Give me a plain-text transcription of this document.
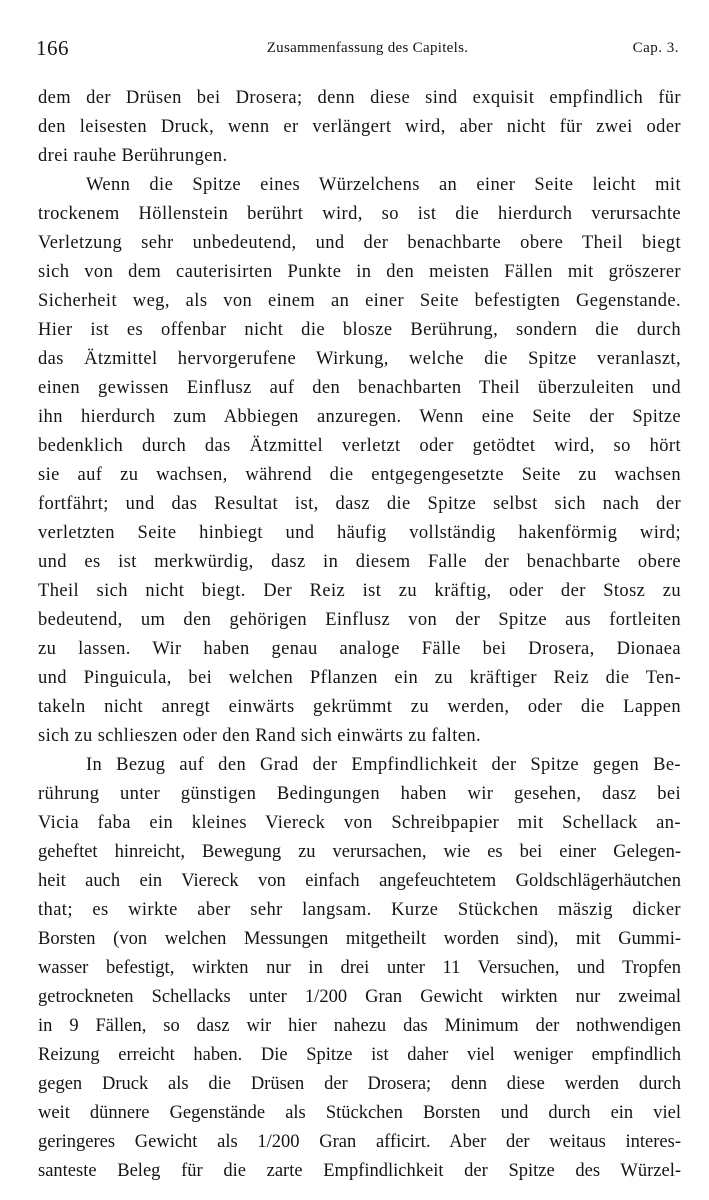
166	Zusammenfassung des Capitels.	Cap. 3.
dem der Drüsen bei Drosera; denn diese sind exquisit empfindlich für
den leisesten Druck, wenn er verlängert wird, aber nicht für zwei oder
drei rauhe Berührungen.
Wenn die Spitze eines Würzelchens an einer Seite leicht mit
trockenem Höllenstein berührt wird, so ist die hierdurch verursachte
Verletzung sehr unbedeutend, und der benachbarte obere Theil biegt
sich von dem cauterisirten Punkte in den meisten Fällen mit gröszerer
Sicherheit weg, als von einem an einer Seite befestigten Gegenstande.
Hier ist es offenbar nicht die blosze Berührung, sondern die durch
das Ätzmittel hervorgerufene Wirkung, welche die Spitze veranlaszt,
einen gewissen Einflusz auf den benachbarten Theil überzuleiten und
ihn hierdurch zum Abbiegen anzuregen. Wenn eine Seite der Spitze
bedenklich durch das Ätzmittel verletzt oder getödtet wird, so hört
sie auf zu wachsen, während die entgegengesetzte Seite zu wachsen
fortfährt; und das Resultat ist, dasz die Spitze selbst sich nach der
verletzten Seite hinbiegt und häufig vollständig hakenförmig wird;
und es ist merkwürdig, dasz in diesem Falle der benachbarte obere
Theil sich nicht biegt. Der Reiz ist zu kräftig, oder der Stosz zu
bedeutend, um den gehörigen Einflusz von der Spitze aus fortleiten
zu lassen. Wir haben genau analoge Fälle bei Drosera, Dionaea
und Pinguicula, bei welchen Pflanzen ein zu kräftiger Reiz die Ten-
takeln nicht anregt einwärts gekrümmt zu werden, oder die Lappen
sich zu schlieszen oder den Rand sich einwärts zu falten.
In Bezug auf den Grad der Empfindlichkeit der Spitze gegen Be-
rührung unter günstigen Bedingungen haben wir gesehen, dasz bei
Vicia faba ein kleines Viereck von Schreibpapier mit Schellack an-
geheftet hinreicht, Bewegung zu verursachen, wie es bei einer Gelegen-
heit auch ein Viereck von einfach angefeuchtetem Goldschlägerhäutchen
that; es wirkte aber sehr langsam. Kurze Stückchen mäszig dicker
Borsten (von welchen Messungen mitgetheilt worden sind), mit Gummi-
wasser befestigt, wirkten nur in drei unter 11 Versuchen, und Tropfen
getrockneten Schellacks unter 1/200 Gran Gewicht wirkten nur zweimal
in 9 Fällen, so dasz wir hier nahezu das Minimum der nothwendigen
Reizung erreicht haben. Die Spitze ist daher viel weniger empfindlich
gegen Druck als die Drüsen der Drosera; denn diese werden durch
weit dünnere Gegenstände als Stückchen Borsten und durch ein viel
geringeres Gewicht als 1/200 Gran afficirt. Aber der weitaus interes-
santeste Beleg für die zarte Empfindlichkeit der Spitze des Würzel-
